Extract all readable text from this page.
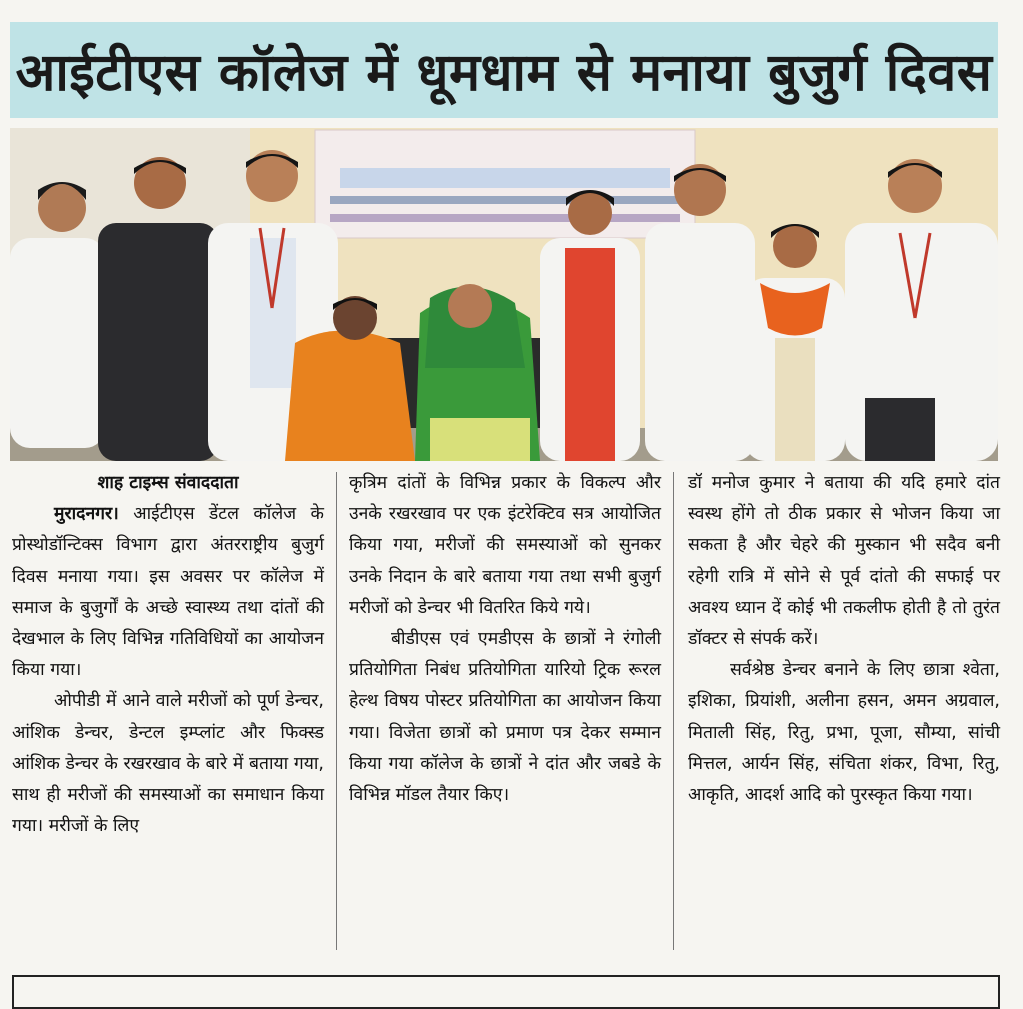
आईटीएस कॉलेज में धूमधाम से मनाया बुजुर्ग दिवस

शाह टाइम्स संवाददाता

मुरादनगर। आईटीएस डेंटल कॉलेज के प्रोस्थोडॉन्टिक्स विभाग द्वारा अंतरराष्ट्रीय बुजुर्ग दिवस मनाया गया। इस अवसर पर कॉलेज में समाज के बुजुर्गों के अच्छे स्वास्थ्य तथा दांतों की देखभाल के लिए विभिन्न गतिविधियों का आयोजन किया गया।

ओपीडी में आने वाले मरीजों को पूर्ण डेन्चर, आंशिक डेन्चर, डेन्टल इम्प्लांट और फिक्स्ड आंशिक डेन्चर के रखरखाव के बारे में बताया गया, साथ ही मरीजों की समस्याओं का समाधान किया गया। मरीजों के लिए

कृत्रिम दांतों के विभिन्न प्रकार के विकल्प और उनके रखरखाव पर एक इंटरेक्टिव सत्र आयोजित किया गया, मरीजों की समस्याओं को सुनकर उनके निदान के बारे बताया गया तथा सभी बुजुर्ग मरीजों को डेन्चर भी वितरित किये गये।

बीडीएस एवं एमडीएस के छात्रों ने रंगोली प्रतियोगिता निबंध प्रतियोगिता यारियो ट्रिक रूरल हेल्थ विषय पोस्टर प्रतियोगिता का आयोजन किया गया। विजेता छात्रों को प्रमाण पत्र देकर सम्मान किया गया कॉलेज के छात्रों ने दांत और जबडे के विभिन्न मॉडल तैयार किए।

डॉ मनोज कुमार ने बताया की यदि हमारे दांत स्वस्थ होंगे तो ठीक प्रकार से भोजन किया जा सकता है और चेहरे की मुस्कान भी सदैव बनी रहेगी रात्रि में सोने से पूर्व दांतो की सफाई पर अवश्य ध्यान दें कोई भी तकलीफ होती है तो तुरंत डॉक्टर से संपर्क करें।

सर्वश्रेष्ठ डेन्चर बनाने के लिए छात्रा श्वेता, इशिका, प्रियांशी, अलीना हसन, अमन अग्रवाल, मिताली सिंह, रितु, प्रभा, पूजा, सौम्या, सांची मित्तल, आर्यन सिंह, संचिता शंकर, विभा, रितु, आकृति, आदर्श आदि को पुरस्कृत किया गया।
